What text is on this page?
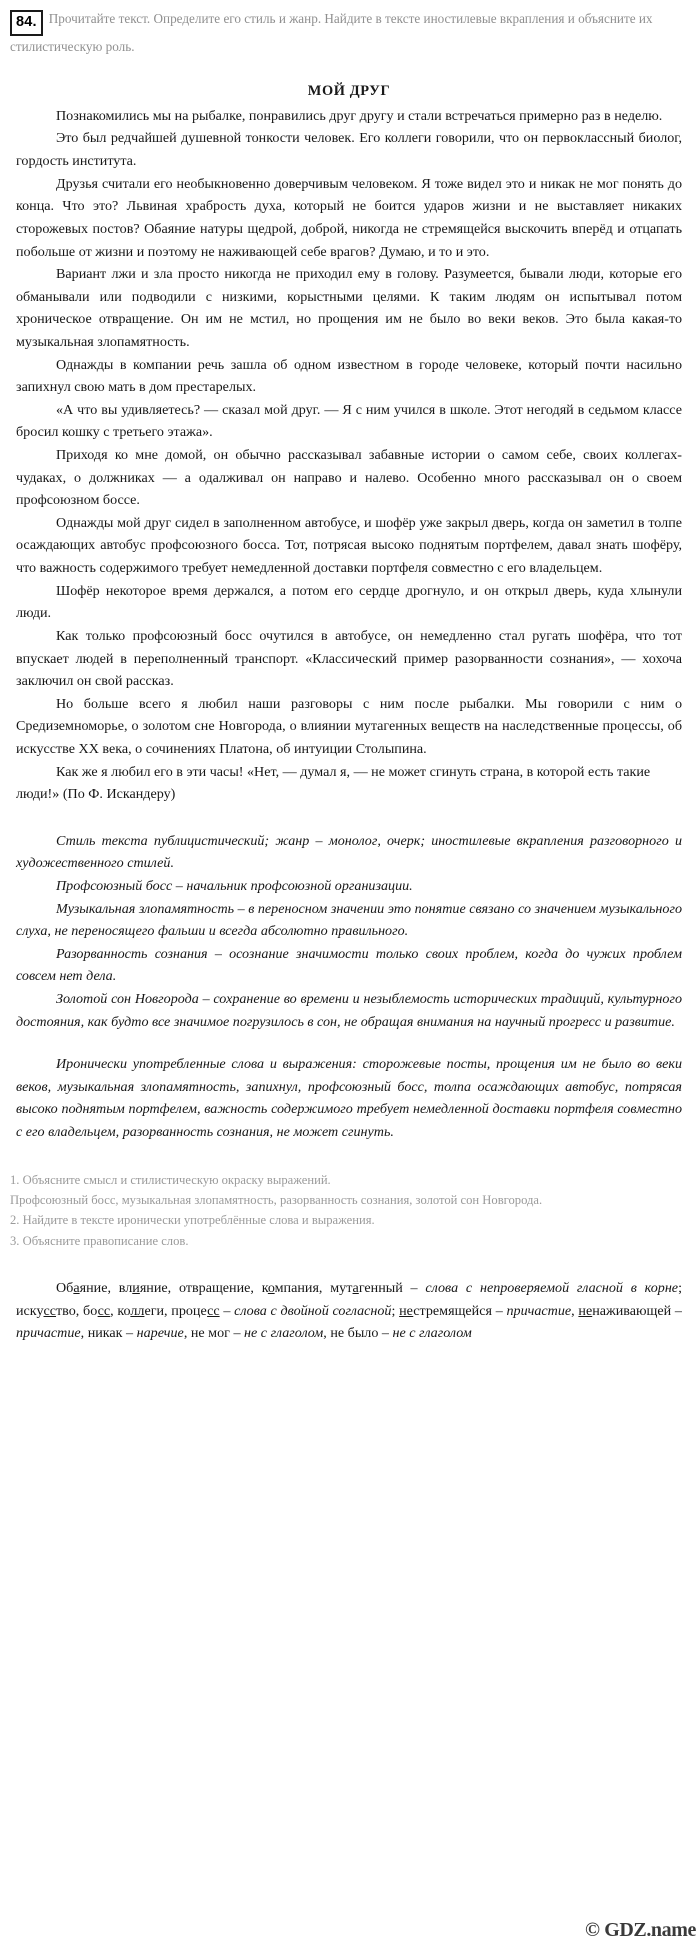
84. Прочитайте текст. Определите его стиль и жанр. Найдите в тексте иностилевые вкрапления и объясните их стилистическую роль.
МОЙ ДРУГ

Познакомились мы на рыбалке, понравились друг другу и стали встречаться примерно раз в неделю.

Это был редчайшей душевной тонкости человек. Его коллеги говорили, что он первоклассный биолог, гордость института.

Друзья считали его необыкновенно доверчивым человеком. Я тоже видел это и никак не мог понять до конца. Что это? Львиная храбрость духа, который не боится ударов жизни и не выставляет никаких сторожевых постов? Обаяние натуры щедрой, доброй, никогда не стремящейся выскочить вперёд и отцапать побольше от жизни и поэтому не наживающей себе врагов? Думаю, и то и это.

Вариант лжи и зла просто никогда не приходил ему в голову. Разумеется, бывали люди, которые его обманывали или подводили с низкими, корыстными целями. К таким людям он испытывал потом хроническое отвращение. Он им не мстил, но прощения им не было во веки веков. Это была какая-то музыкальная злопамятность.

Однажды в компании речь зашла об одном известном в городе человеке, который почти насильно запихнул свою мать в дом престарелых.

«А что вы удивляетесь? — сказал мой друг. — Я с ним учился в школе. Этот негодяй в седьмом классе бросил кошку с третьего этажа».

Приходя ко мне домой, он обычно рассказывал забавные истории о самом себе, своих коллегах-чудаках, о должниках — а одалживал он направо и налево. Особенно много рассказывал он о своем профсоюзном боссе.

Однажды мой друг сидел в заполненном автобусе, и шофёр уже закрыл дверь, когда он заметил в толпе осаждающих автобус профсоюзного босса. Тот, потрясая высоко поднятым портфелем, давал знать шофёру, что важность содержимого требует немедленной доставки портфеля совместно с его владельцем.

Шофёр некоторое время держался, а потом его сердце дрогнуло, и он открыл дверь, куда хлынули люди.

Как только профсоюзный босс очутился в автобусе, он немедленно стал ругать шофёра, что тот впускает людей в переполненный транспорт. «Классический пример разорванности сознания», — хохоча заключил он свой рассказ.

Но больше всего я любил наши разговоры с ним после рыбалки. Мы говорили с ним о Средиземноморье, о золотом сне Новгорода, о влиянии мутагенных веществ на наследственные процессы, об искусстве XX века, о сочинениях Платона, об интуиции Столыпина.

Как же я любил его в эти часы! «Нет, — думал я, — не может сгинуть страна, в которой есть такие люди!» (По Ф. Искандеру)

Стиль текста публицистический; жанр – монолог, очерк; иностилевые вкрапления разговорного и художественного стилей.

Профсоюзный босс – начальник профсоюзной организации.

Музыкальная злопамятность – в переносном значении это понятие связано со значением музыкального слуха, не переносящего фальши и всегда абсолютно правильного.

Разорванность сознания – осознание значимости только своих проблем, когда до чужих проблем совсем нет дела.

Золотой сон Новгорода – сохранение во времени и незыблемость исторических традиций, культурного достояния, как будто все значимое погрузилось в сон, не обращая внимания на научный прогресс и развитие.

Иронически употребленные слова и выражения: сторожевые посты, прощения им не было во веки веков, музыкальная злопамятность, запихнул, профсоюзный босс, толпа осаждающих автобус, потрясая высоко поднятым портфелем, важность содержимого требует немедленной доставки портфеля совместно с его владельцем, разорванность сознания, не может сгинуть.

1. Объясните смысл и стилистическую окраску выражений.

Профсоюзный босс, музыкальная злопамятность, разорванность сознания, золотой сон Новгорода.

2. Найдите в тексте иронически употреблённые слова и выражения.

3. Объясните правописание слов.

Обаяние, влияние, отвращение, компания, мутагенный – слова с непроверяемой гласной в корне; искусство, босс, коллеги, процесс – слова с двойной согласной; нестремящейся – причастие, ненаживающей – причастие, никак – наречие, не мог – не с глаголом, не было – не с глаголом

© GDZ.name
